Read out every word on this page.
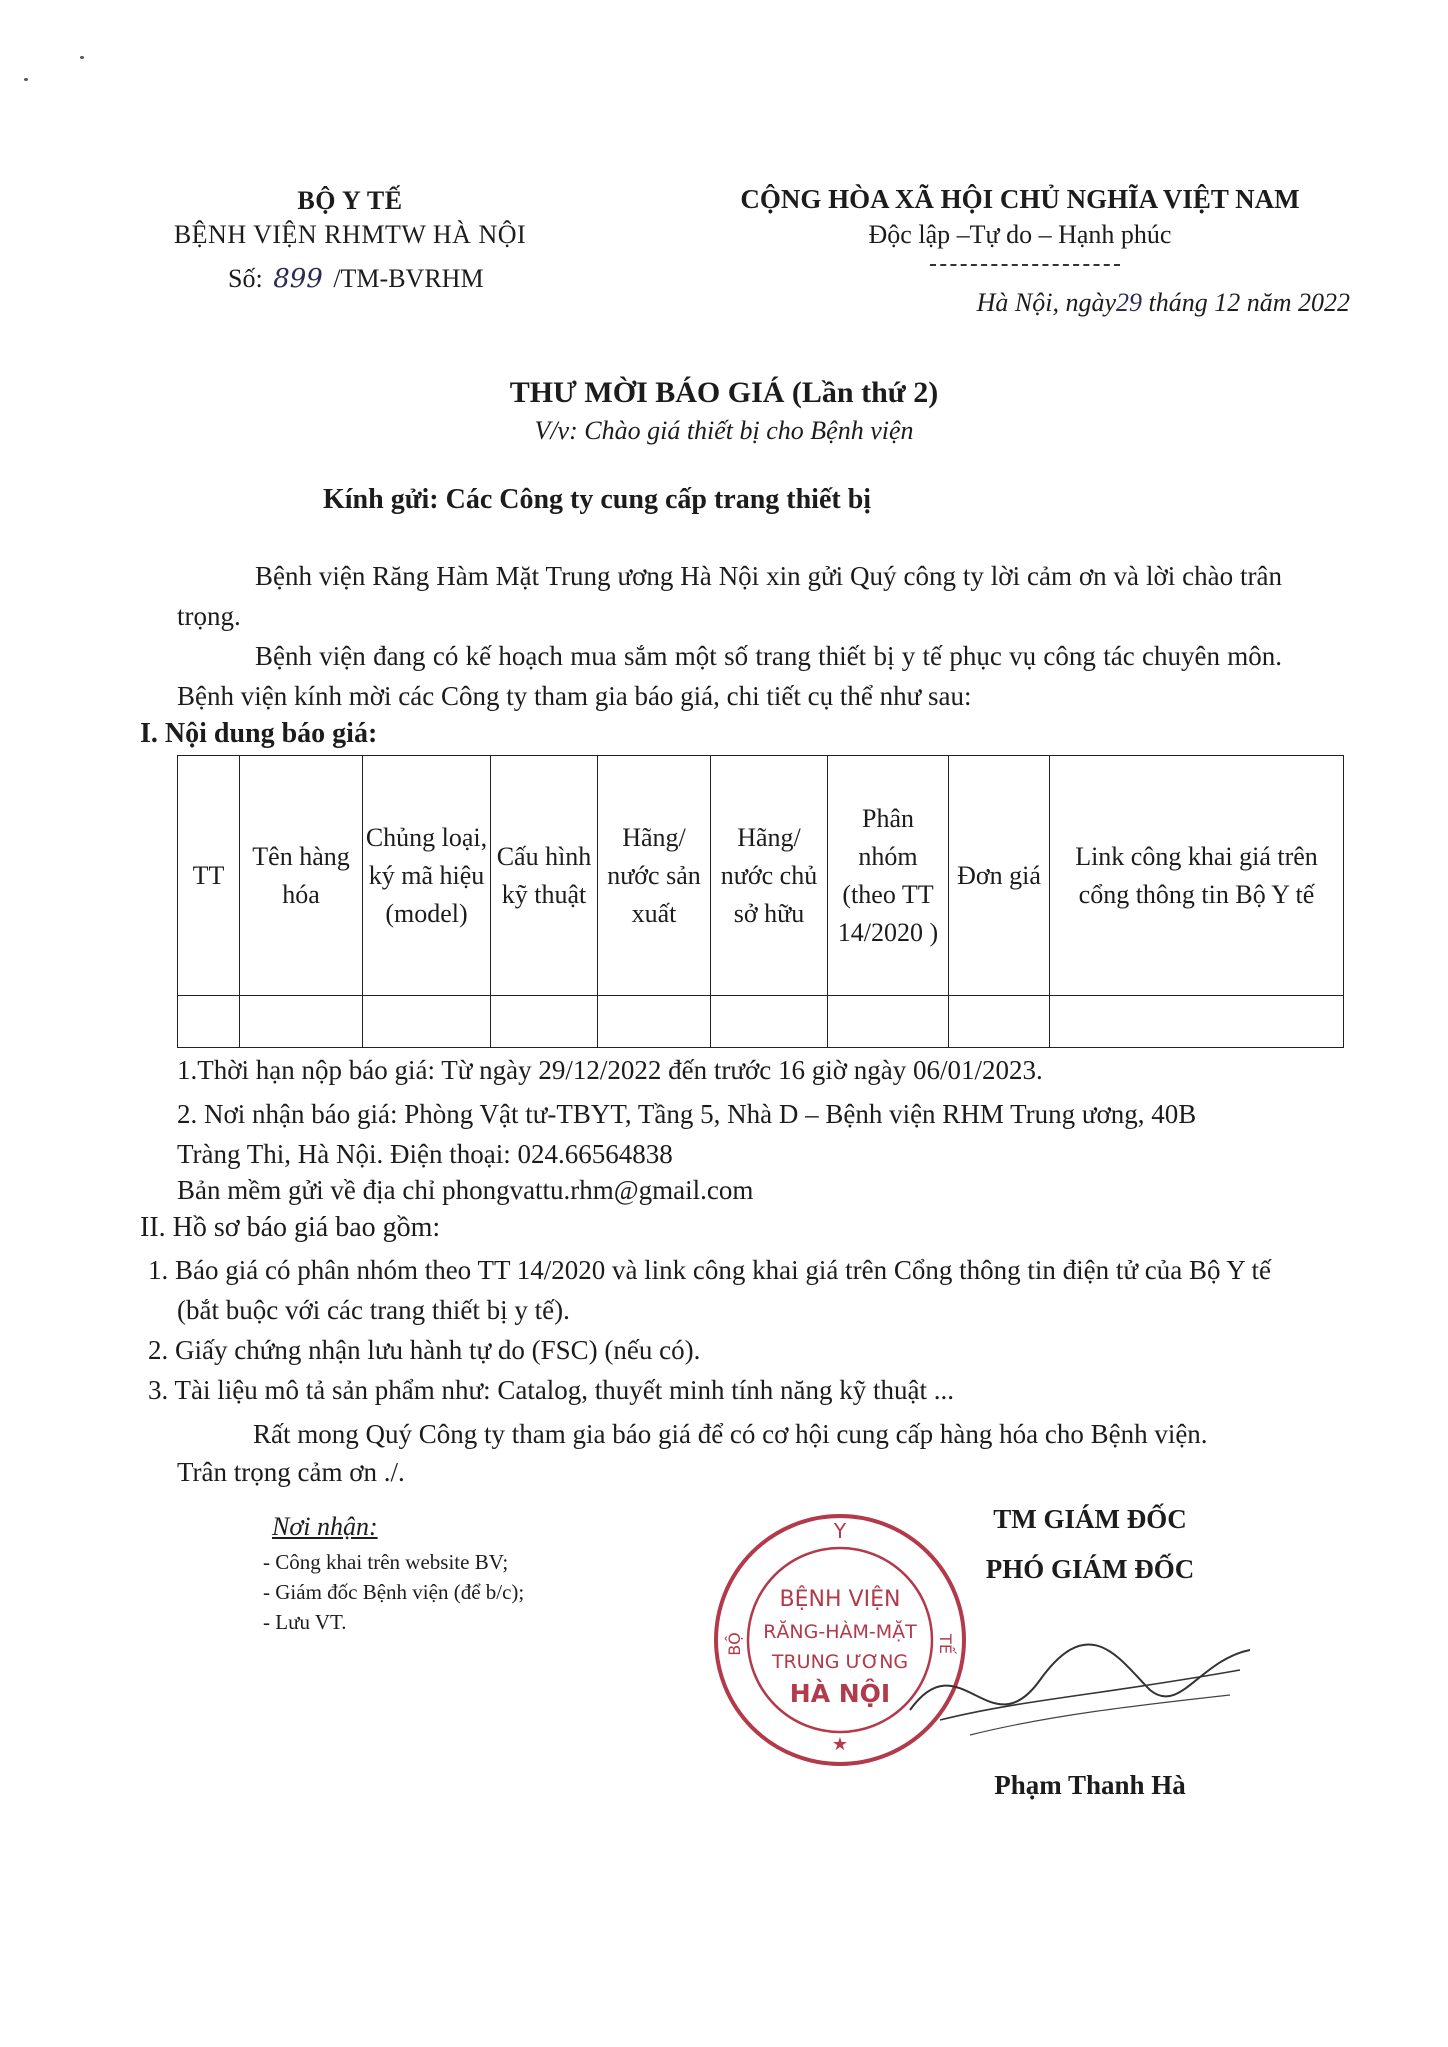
BỘ Y TẾ
BỆNH VIỆN RHMTW HÀ NỘI
Số: 899 /TM-BVRHM
CỘNG HÒA XÃ HỘI CHỦ NGHĨA VIỆT NAM
Độc lập –Tự do – Hạnh phúc
Hà Nội, ngày29 tháng 12 năm 2022
THƯ MỜI BÁO GIÁ (Lần thứ 2)
V/v: Chào giá thiết bị cho Bệnh viện
Kính gửi: Các Công ty cung cấp trang thiết bị
Bệnh viện Răng Hàm Mặt Trung ương Hà Nội xin gửi Quý công ty lời cảm ơn và lời chào trân trọng.
Bệnh viện đang có kế hoạch mua sắm một số trang thiết bị y tế phục vụ công tác chuyên môn. Bệnh viện kính mời các Công ty tham gia báo giá, chi tiết cụ thể như sau:
I. Nội dung báo giá:
TT	Tên hàng hóa	Chủng loại, ký mã hiệu (model)	Cấu hình kỹ thuật	Hãng/ nước sản xuất	Hãng/ nước chủ sở hữu	Phân nhóm (theo TT 14/2020 )	Đơn giá	Link công khai giá trên cổng thông tin Bộ Y tế

1.Thời hạn nộp báo giá: Từ ngày 29/12/2022 đến trước 16 giờ ngày 06/01/2023.
2. Nơi nhận báo giá: Phòng Vật tư-TBYT, Tầng 5, Nhà D – Bệnh viện RHM Trung ương, 40B
Tràng Thi, Hà Nội. Điện thoại: 024.66564838
Bản mềm gửi về địa chỉ phongvattu.rhm@gmail.com
II. Hồ sơ báo giá bao gồm:
1. Báo giá có phân nhóm theo TT 14/2020 và link công khai giá trên Cổng thông tin điện tử của Bộ Y tế
(bắt buộc với các trang thiết bị y tế).
2. Giấy chứng nhận lưu hành tự do (FSC) (nếu có).
3. Tài liệu mô tả sản phẩm như: Catalog, thuyết minh tính năng kỹ thuật ...
Rất mong Quý Công ty tham gia báo giá để có cơ hội cung cấp hàng hóa cho Bệnh viện.
Trân trọng cảm ơn ./.
Nơi nhận:
- Công khai trên website BV;
- Giám đốc Bệnh viện (để b/c);
- Lưu VT.
Y
BỘ	TẾ
BỆNH VIỆN
RĂNG-HÀM-MẶT
TRUNG ƯƠNG
HÀ NỘI
★
TM GIÁM ĐỐC
PHÓ GIÁM ĐỐC
Phạm Thanh Hà
